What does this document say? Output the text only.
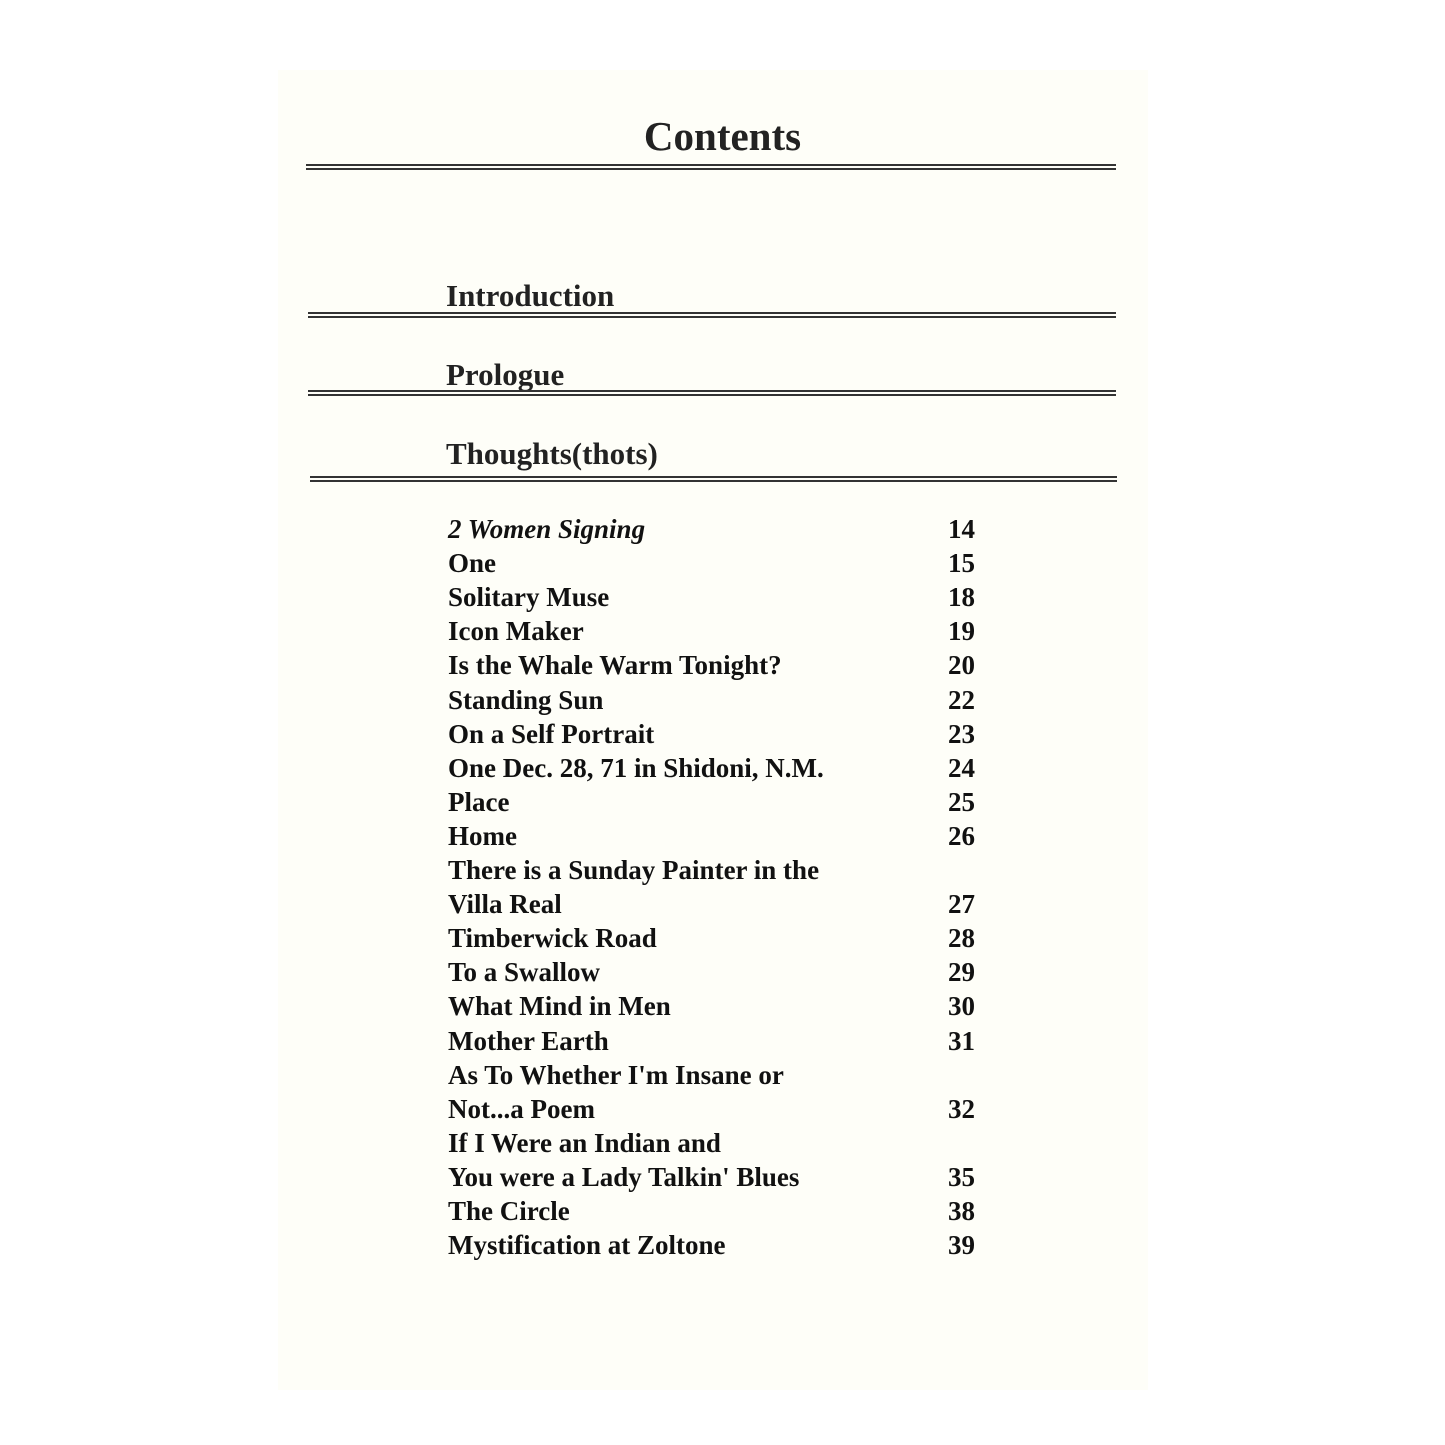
Contents
Introduction
Prologue
Thoughts(thots)
2 Women Signing	14
One	15
Solitary Muse	18
Icon Maker	19
Is the Whale Warm Tonight?	20
Standing Sun	22
On a Self Portrait	23
One Dec. 28, 71 in Shidoni, N.M.	24
Place	25
Home	26
There is a Sunday Painter in the
Villa Real	27
Timberwick Road	28
To a Swallow	29
What Mind in Men	30
Mother Earth	31
As To Whether I'm Insane or
Not...a Poem	32
If I Were an Indian and
You were a Lady Talkin' Blues	35
The Circle	38
Mystification at Zoltone	39
